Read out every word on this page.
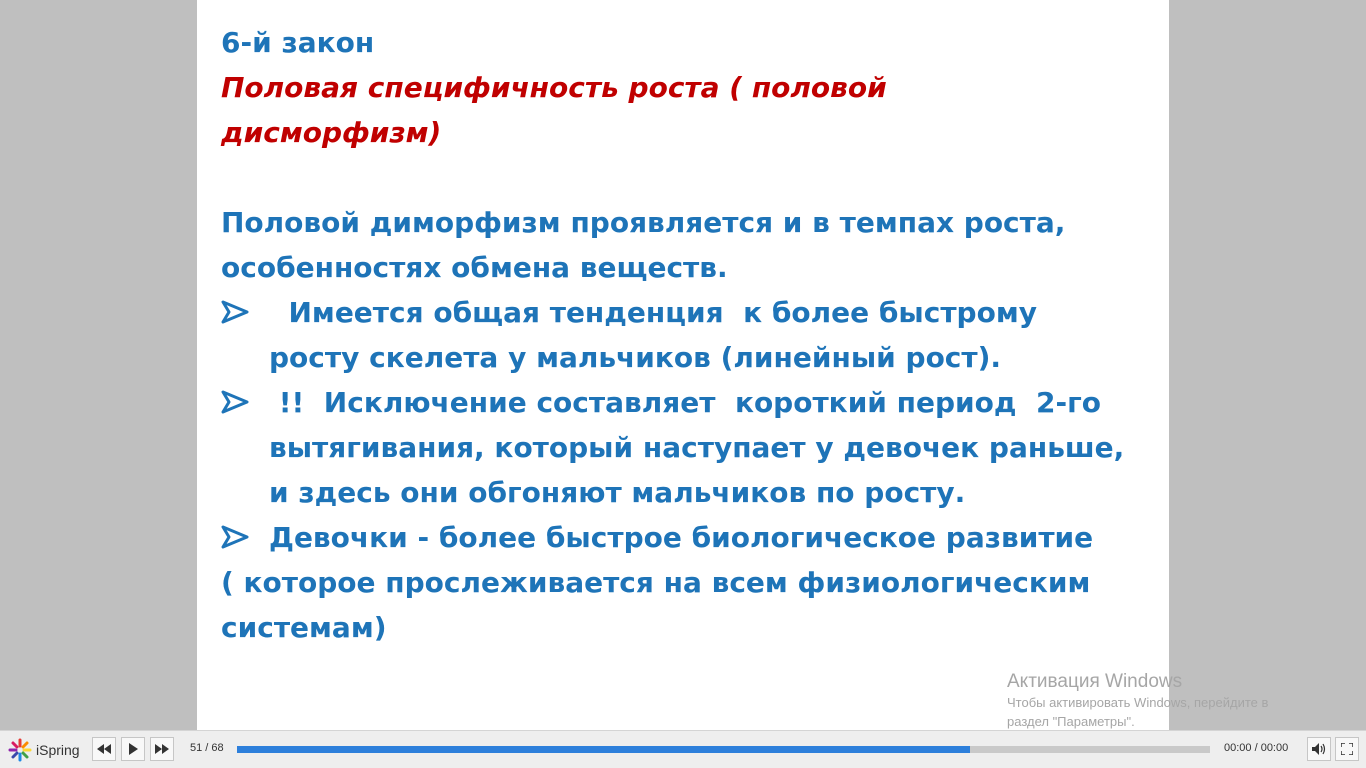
6-й закон
Половая специфичность роста ( половой
дисморфизм)
Половой диморфизм проявляется и в темпах роста,
особенностях обмена веществ.
Имеется общая тенденция  к более быстрому
росту скелета у мальчиков (линейный рост).
!!  Исключение составляет  короткий период  2-го
вытягивания, который наступает у девочек раньше,
и здесь они обгоняют мальчиков по росту.
Девочки - более быстрое биологическое развитие
( которое прослеживается на всем физиологическим
системам)
Активация Windows
Чтобы активировать Windows, перейдите в
раздел "Параметры".
iSpring	51 / 68	00:00 / 00:00
